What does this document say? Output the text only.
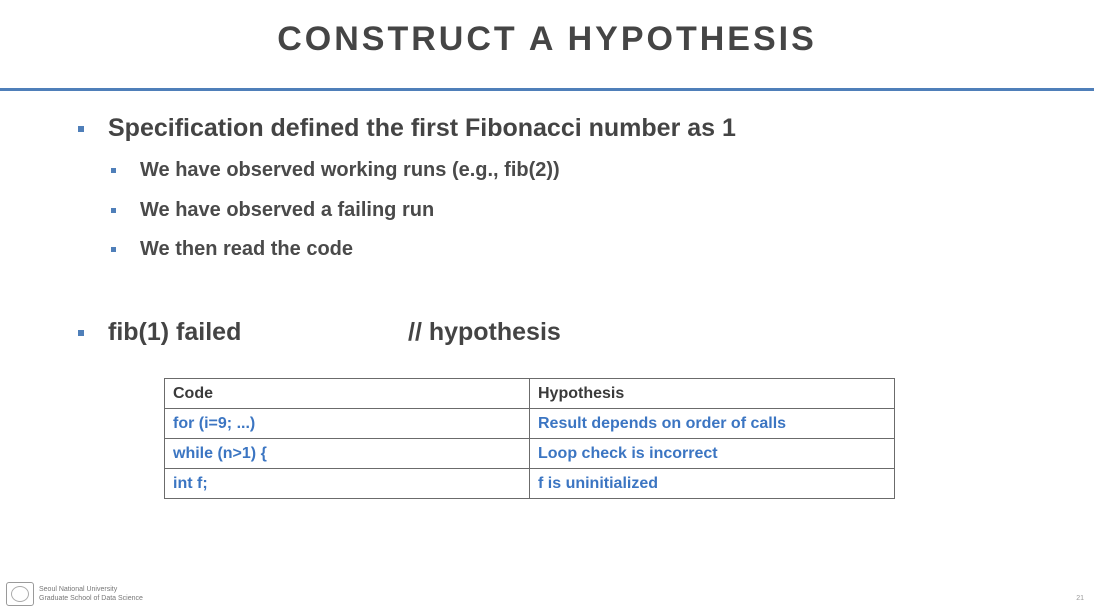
CONSTRUCT A HYPOTHESIS
Specification defined the first Fibonacci number as 1
We have observed working runs (e.g., fib(2))
We have observed a failing run
We then read the code
fib(1) failed	// hypothesis
Code	Hypothesis
for (i=9; ...)	Result depends on order of calls
while (n>1) {	Loop check is incorrect
int f;	f is uninitialized
Seoul National University
Graduate School of Data Science	21
